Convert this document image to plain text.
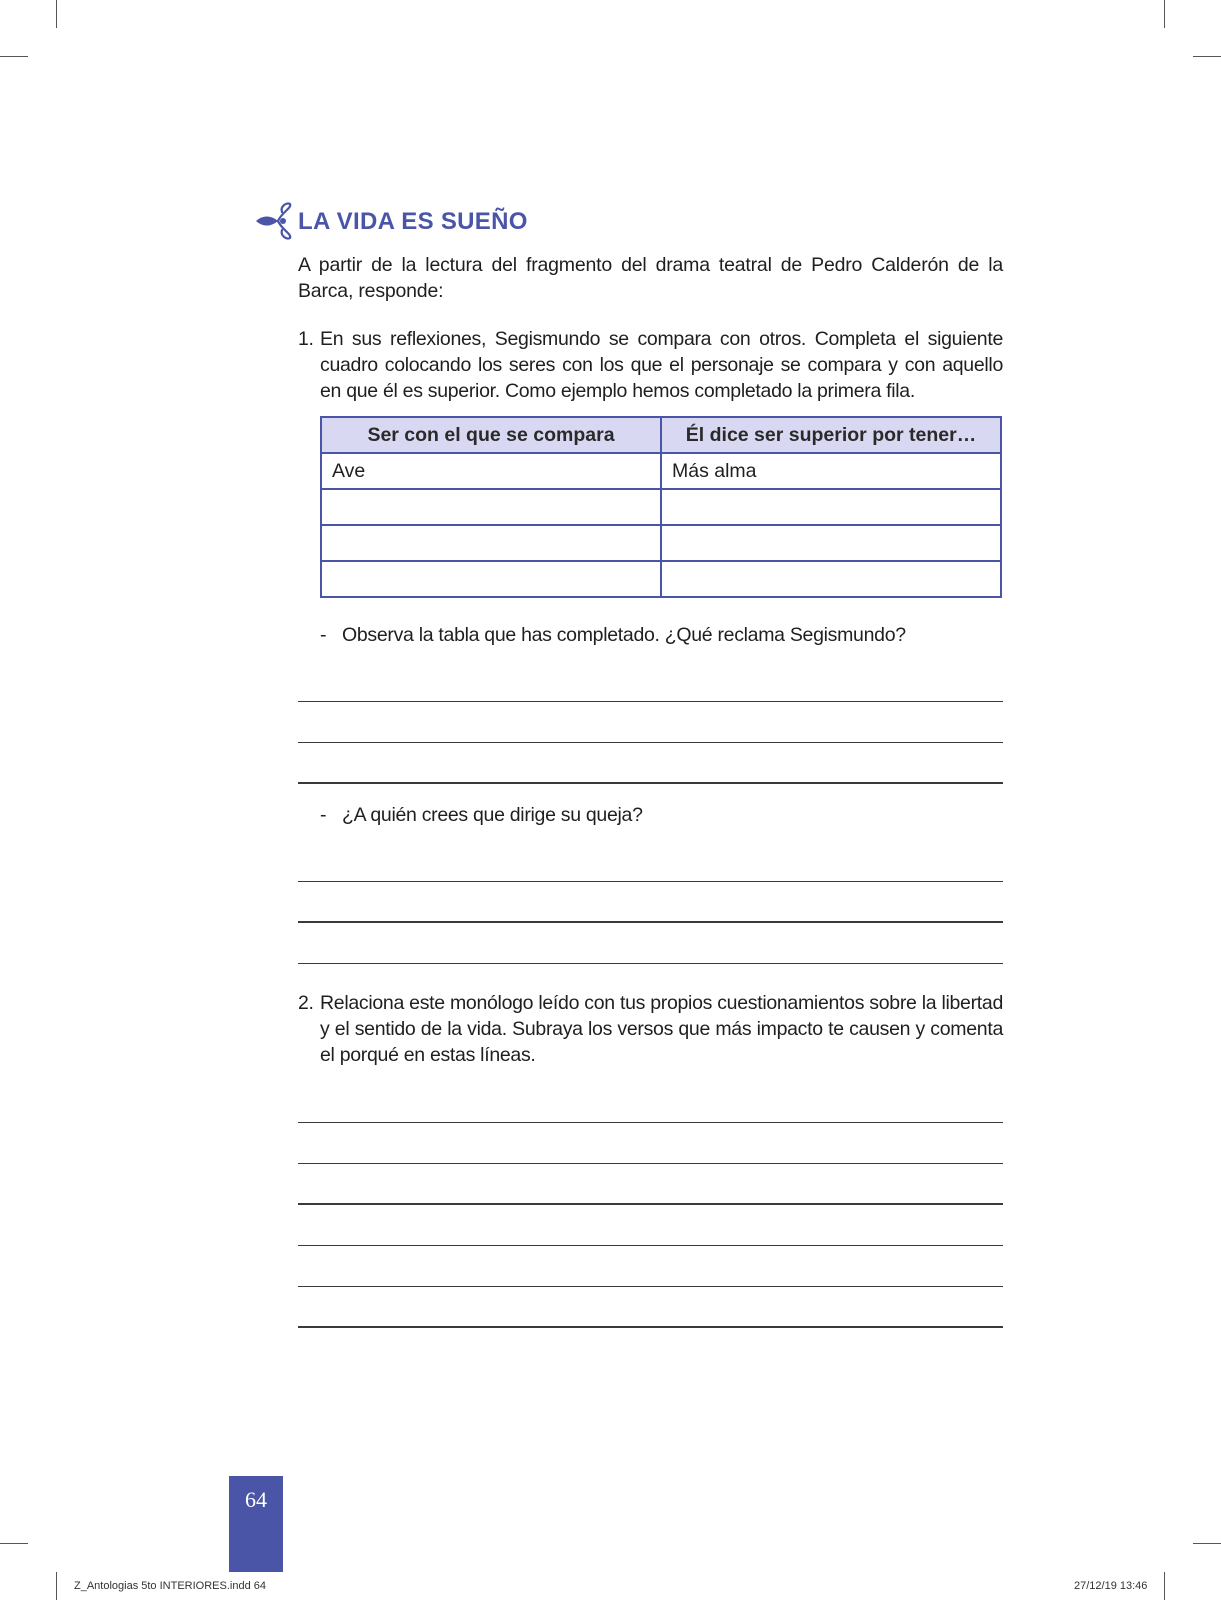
LA VIDA ES SUEÑO

A partir de la lectura del fragmento del drama teatral de Pedro Calderón de la Barca, responde:

1. En sus reflexiones, Segismundo se compara con otros. Completa el siguiente cuadro colocando los seres con los que el personaje se compara y con aquello en que él es superior. Como ejemplo hemos completado la primera fila.
Ser con el que se compara	Él dice ser superior por tener…
Ave	Más alma

- Observa la tabla que has completado. ¿Qué reclama Segismundo?
- ¿A quién crees que dirige su queja?
2. Relaciona este monólogo leído con tus propios cuestionamientos sobre la libertad y el sentido de la vida. Subraya los versos que más impacto te causen y comenta el porqué en estas líneas.
64
Z_Antologias 5to INTERIORES.indd 64	27/12/19 13:46
